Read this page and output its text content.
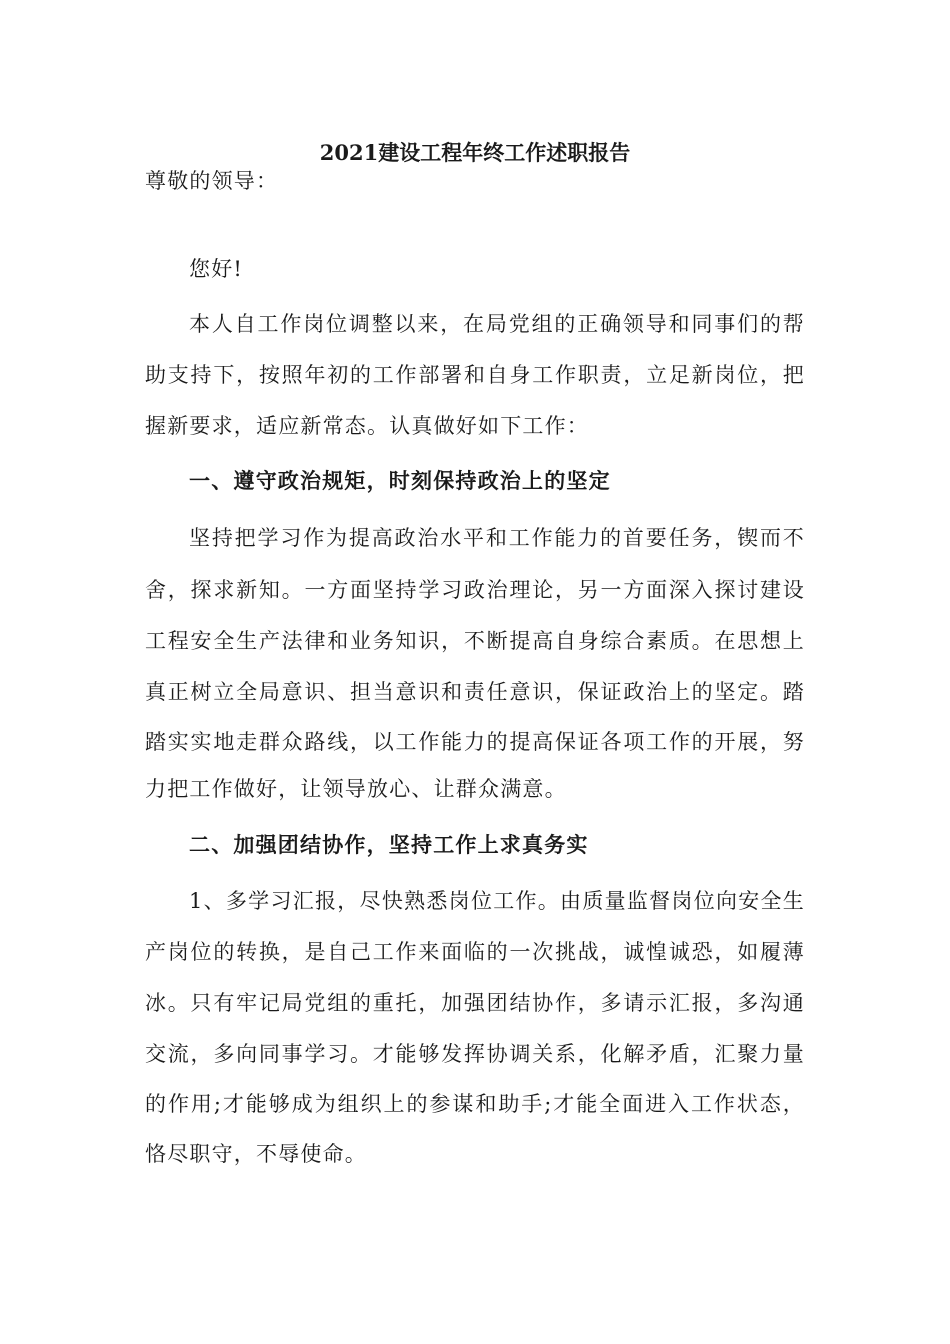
2021建设工程年终工作述职报告
尊敬的领导：
您好!
本人自工作岗位调整以来，在局党组的正确领导和同事们的帮
助支持下，按照年初的工作部署和自身工作职责，立足新岗位，把
握新要求，适应新常态。认真做好如下工作：
一、遵守政治规矩，时刻保持政治上的坚定
坚持把学习作为提高政治水平和工作能力的首要任务，锲而不
舍，探求新知。一方面坚持学习政治理论，另一方面深入探讨建设
工程安全生产法律和业务知识，不断提高自身综合素质。在思想上
真正树立全局意识、担当意识和责任意识，保证政治上的坚定。踏
踏实实地走群众路线，以工作能力的提高保证各项工作的开展，努
力把工作做好，让领导放心、让群众满意。
二、加强团结协作，坚持工作上求真务实
1、多学习汇报，尽快熟悉岗位工作。由质量监督岗位向安全生
产岗位的转换，是自己工作来面临的一次挑战，诚惶诚恐，如履薄
冰。只有牢记局党组的重托，加强团结协作，多请示汇报，多沟通
交流，多向同事学习。才能够发挥协调关系，化解矛盾，汇聚力量
的作用;才能够成为组织上的参谋和助手;才能全面进入工作状态，
恪尽职守，不辱使命。
